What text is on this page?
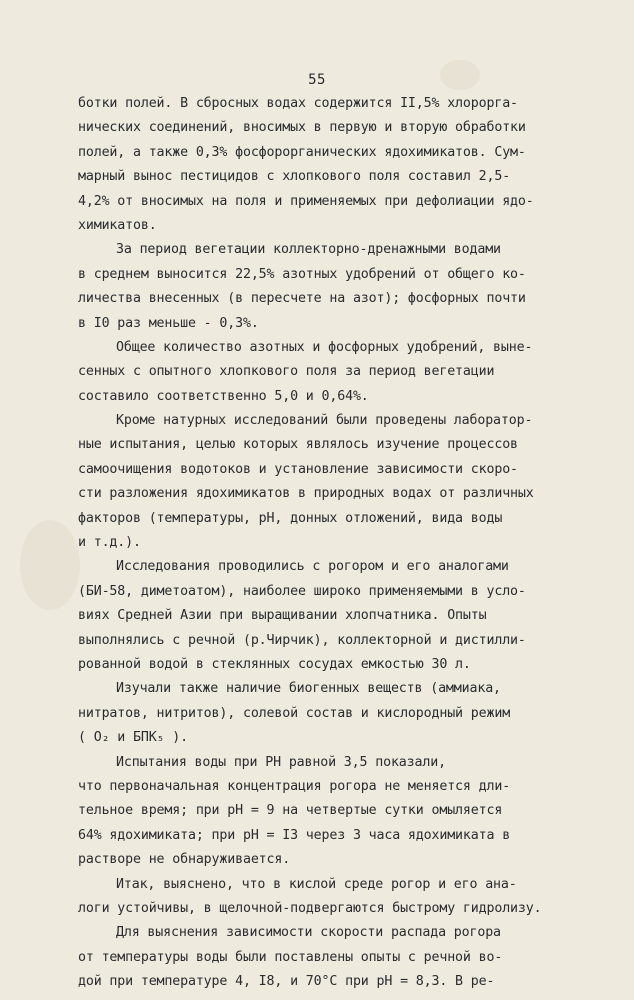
55
ботки полей. В сбросных водах содержится II,5% хлорорга-
нических соединений, вносимых в первую и вторую обработки
полей, а также 0,3% фосфорорганических ядохимикатов. Сум-
марный вынос пестицидов с хлопкового поля составил 2,5-
4,2% от вносимых на поля и применяемых при дефолиации ядо-
химикатов.
За период вегетации коллекторно-дренажными водами
в среднем выносится 22,5% азотных удобрений от общего ко-
личества внесенных (в пересчете на азот); фосфорных почти
в I0 раз меньше - 0,3%.
Общее количество азотных и фосфорных удобрений, выне-
сенных с опытного хлопкового поля за период вегетации
составило соответственно 5,0 и 0,64%.
Кроме натурных исследований были проведены лаборатор-
ные испытания, целью которых являлось изучение процессов
самоочищения водотоков и установление зависимости скоро-
сти разложения ядохимикатов в природных водах от различных
факторов (температуры, pH, донных отложений, вида воды
и т.д.).
Исследования проводились с рогором и его аналогами
(БИ-58, диметоатом), наиболее широко применяемыми в усло-
виях Средней Азии при выращивании хлопчатника. Опыты
выполнялись с речной (р.Чирчик), коллекторной и дистилли-
рованной водой в стеклянных сосудах емкостью 30 л.
Изучали также наличие биогенных веществ (аммиака,
нитратов, нитритов), солевой состав и кислородный режим
( O₂ и БПК₅ ).
Испытания воды при PH равной 3,5 показали,
что первоначальная концентрация рогора не меняется дли-
тельное время; при pH = 9 на четвертые сутки омыляется
64% ядохимиката; при pH = I3 через 3 часа ядохимиката в
растворе не обнаруживается.
Итак, выяснено, что в кислой среде рогор и его ана-
логи устойчивы, в щелочной-подвергаются быстрому гидролизу.
Для выяснения зависимости скорости распада рогора
от температуры воды были поставлены опыты с речной во-
дой при температуре 4, I8, и 70°C при pH = 8,3. В ре-
